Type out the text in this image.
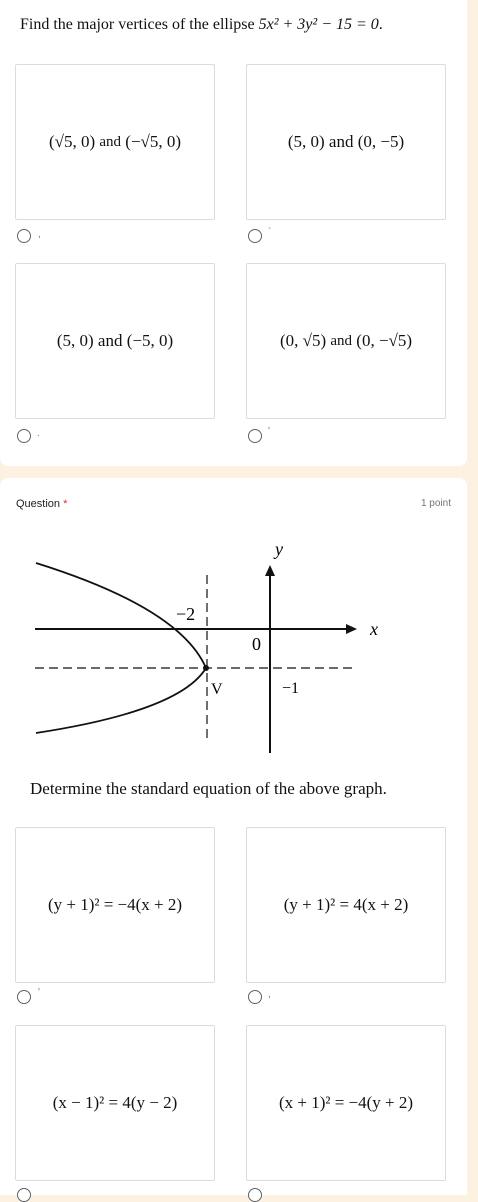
Find the major vertices of the ellipse 5x² + 3y² − 15 = 0.
(√5, 0)
and
(−√5, 0)
,
(5, 0)
and
(0, −5)
`
(5, 0)
and
(−5, 0)
.
(0, √5)
and
(0, −√5)
'
Question *	1 point
y
x
0
−2
−1
V
Determine the standard equation of the above graph.
(y + 1)² = −4(x + 2)
'
(y + 1)² = 4(x + 2)
,
(x − 1)² = 4(y − 2)	(x + 1)² = −4(y + 2)
